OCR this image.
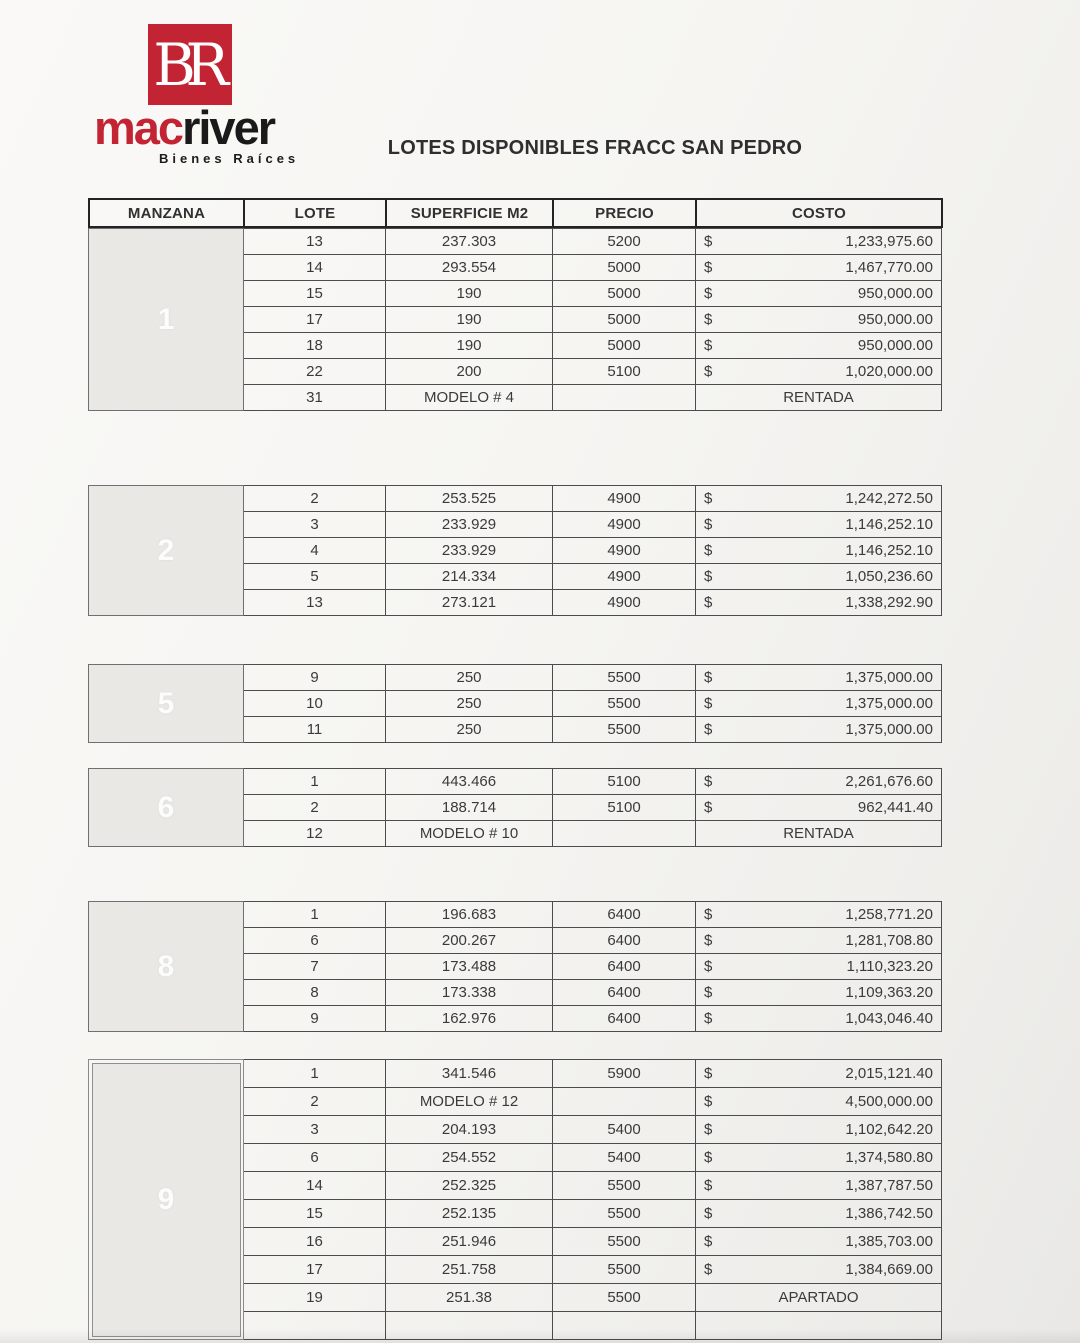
BR
macriver
Bienes Raíces	LOTES DISPONIBLES FRACC SAN PEDRO
MANZANA	LOTE	SUPERFICIE M2	PRECIO	COSTO
1	13	237.303	5200	$ 1,233,975.60

	14	293.554	5000	$ 1,467,770.00

	15	190	5000	$ 950,000.00

	17	190	5000	$ 950,000.00

	18	190	5000	$ 950,000.00

	22	200	5100	$ 1,020,000.00

	31	MODELO # 4		RENTADA
2	2	253.525	4900	$ 1,242,272.50

	3	233.929	4900	$ 1,146,252.10

	4	233.929	4900	$ 1,146,252.10

	5	214.334	4900	$ 1,050,236.60

	13	273.121	4900	$ 1,338,292.90
5	9	250	5500	$ 1,375,000.00

	10	250	5500	$ 1,375,000.00

	11	250	5500	$ 1,375,000.00
6	1	443.466	5100	$ 2,261,676.60

	2	188.714	5100	$ 962,441.40

	12	MODELO # 10		RENTADA
8	1	196.683	6400	$ 1,258,771.20

	6	200.267	6400	$ 1,281,708.80

	7	173.488	6400	$ 1,110,323.20

	8	173.338	6400	$ 1,109,363.20

	9	162.976	6400	$ 1,043,046.40
9	1	341.546	5900	$ 2,015,121.40

	2	MODELO # 12		$ 4,500,000.00

	3	204.193	5400	$ 1,102,642.20

	6	254.552	5400	$ 1,374,580.80

	14	252.325	5500	$ 1,387,787.50

	15	252.135	5500	$ 1,386,742.50

	16	251.946	5500	$ 1,385,703.00

	17	251.758	5500	$ 1,384,669.00

	19	251.38	5500	APARTADO
